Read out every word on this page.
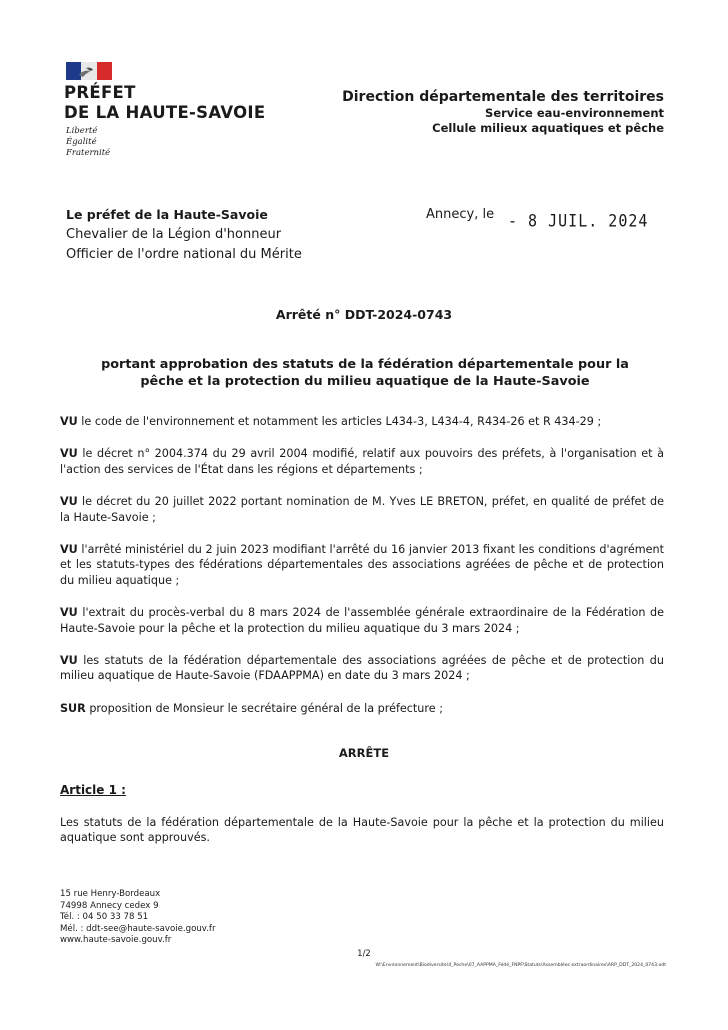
PRÉFET
DE LA HAUTE-SAVOIE
Liberté
Égalité
Fraternité
Direction départementale des territoires
Service eau-environnement
Cellule milieux aquatiques et pêche
Le préfet de la Haute-Savoie
Chevalier de la Légion d'honneur
Officier de l'ordre national du Mérite
Annecy, le - 8 JUIL. 2024
Arrêté n° DDT-2024-0743
portant approbation des statuts de la fédération départementale pour la pêche et la protection du milieu aquatique de la Haute-Savoie

VU le code de l'environnement et notamment les articles L434-3, L434-4, R434-26 et R 434-29 ;

VU le décret n° 2004.374 du 29 avril 2004 modifié, relatif aux pouvoirs des préfets, à l'organisation et à l'action des services de l'État dans les régions et départements ;

VU le décret du 20 juillet 2022 portant nomination de M. Yves LE BRETON, préfet, en qualité de préfet de la Haute-Savoie ;

VU l'arrêté ministériel du 2 juin 2023 modifiant l'arrêté du 16 janvier 2013 fixant les conditions d'agrément et les statuts-types des fédérations départementales des associations agréées de pêche et de protection du milieu aquatique ;

VU l'extrait du procès-verbal du 8 mars 2024 de l'assemblée générale extraordinaire de la Fédération de Haute-Savoie pour la pêche et la protection du milieu aquatique du 3 mars 2024 ;

VU les statuts de la fédération départementale des associations agréées de pêche et de protection du milieu aquatique de Haute-Savoie (FDAAPPMA) en date du 3 mars 2024 ;

SUR proposition de Monsieur le secrétaire général de la préfecture ;

ARRÊTE
Article 1 :
Les statuts de la fédération départementale de la Haute-Savoie pour la pêche et la protection du milieu aquatique sont approuvés.
15 rue Henry-Bordeaux
74998 Annecy cedex 9
Tél. : 04 50 33 78 51
Mél. : ddt-see@haute-savoie.gouv.fr
www.haute-savoie.gouv.fr
1/2
W:\Environnement\Biodiversite\4_Peche\07_AAPPMA_Fédé_FNPF\Statuts\Assemblées extraordinaires\ARP_DDT_2024_0743.odt
